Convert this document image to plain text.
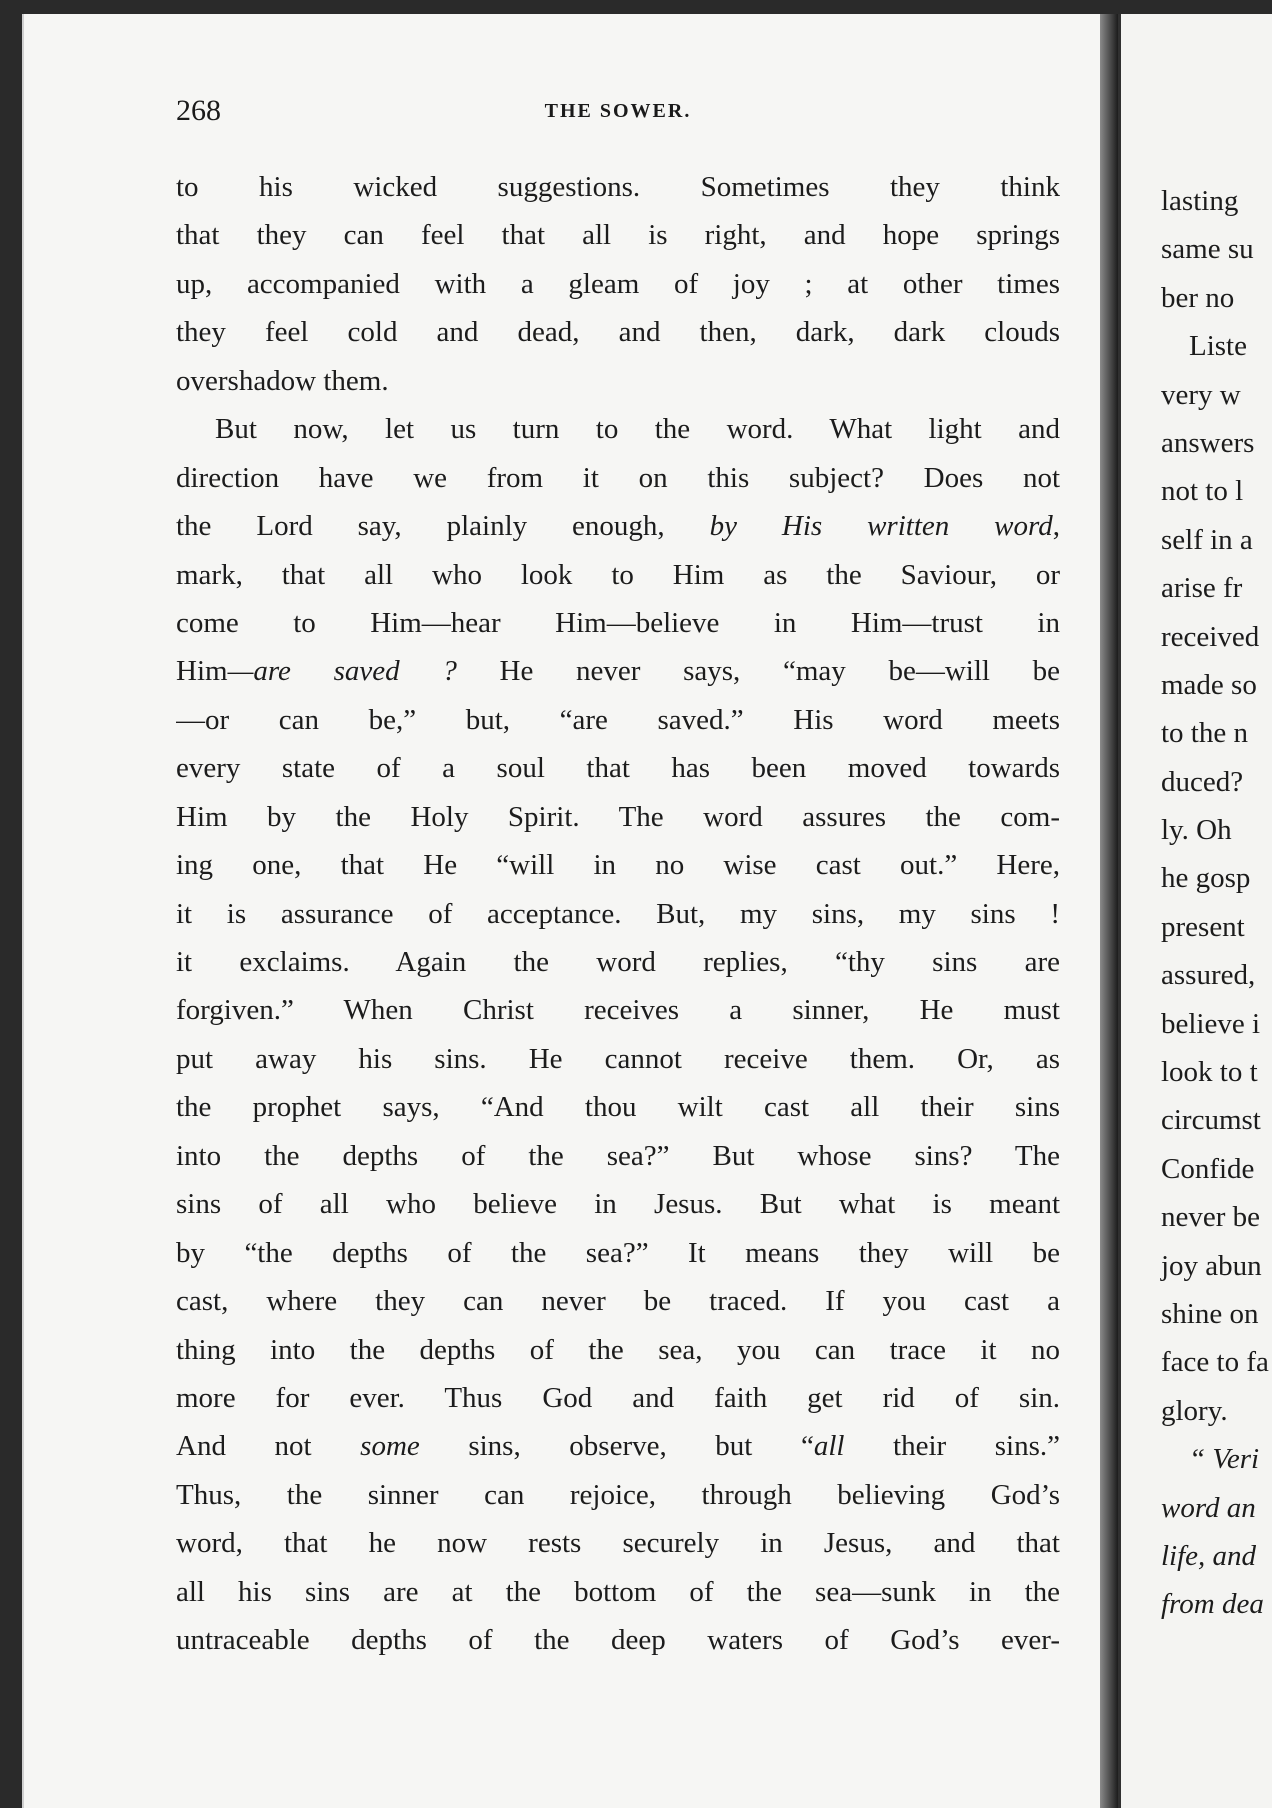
lasting
same su
ber no
Liste
very w
answers
not to l
self in a
arise fr
received
made so
to the n
duced?
ly. Oh
he gosp
present
assured,
believe i
look to t
circumst
Confide
never be
joy abun
shine on
face to fa
glory.
“ Veri
word an
life, and
from dea
268	THE SOWER.
to his wicked suggestions. Sometimes they think
that they can feel that all is right, and hope springs
up, accompanied with a gleam of joy ; at other times
they feel cold and dead, and then, dark, dark clouds
overshadow them.
But now, let us turn to the word. What light and
direction have we from it on this subject? Does not
the Lord say, plainly enough, by His written word,
mark, that all who look to Him as the Saviour, or
come to Him—hear Him—believe in Him—trust in
Him—are saved ? He never says, “may be—will be
—or can be,” but, “are saved.” His word meets
every state of a soul that has been moved towards
Him by the Holy Spirit. The word assures the com-
ing one, that He “will in no wise cast out.” Here,
it is assurance of acceptance. But, my sins, my sins !
it exclaims. Again the word replies, “thy sins are
forgiven.” When Christ receives a sinner, He must
put away his sins. He cannot receive them. Or, as
the prophet says, “And thou wilt cast all their sins
into the depths of the sea?” But whose sins? The
sins of all who believe in Jesus. But what is meant
by “the depths of the sea?” It means they will be
cast, where they can never be traced. If you cast a
thing into the depths of the sea, you can trace it no
more for ever. Thus God and faith get rid of sin.
And not some sins, observe, but “all their sins.”
Thus, the sinner can rejoice, through believing God’s
word, that he now rests securely in Jesus, and that
all his sins are at the bottom of the sea—sunk in the
untraceable depths of the deep waters of God’s ever-
